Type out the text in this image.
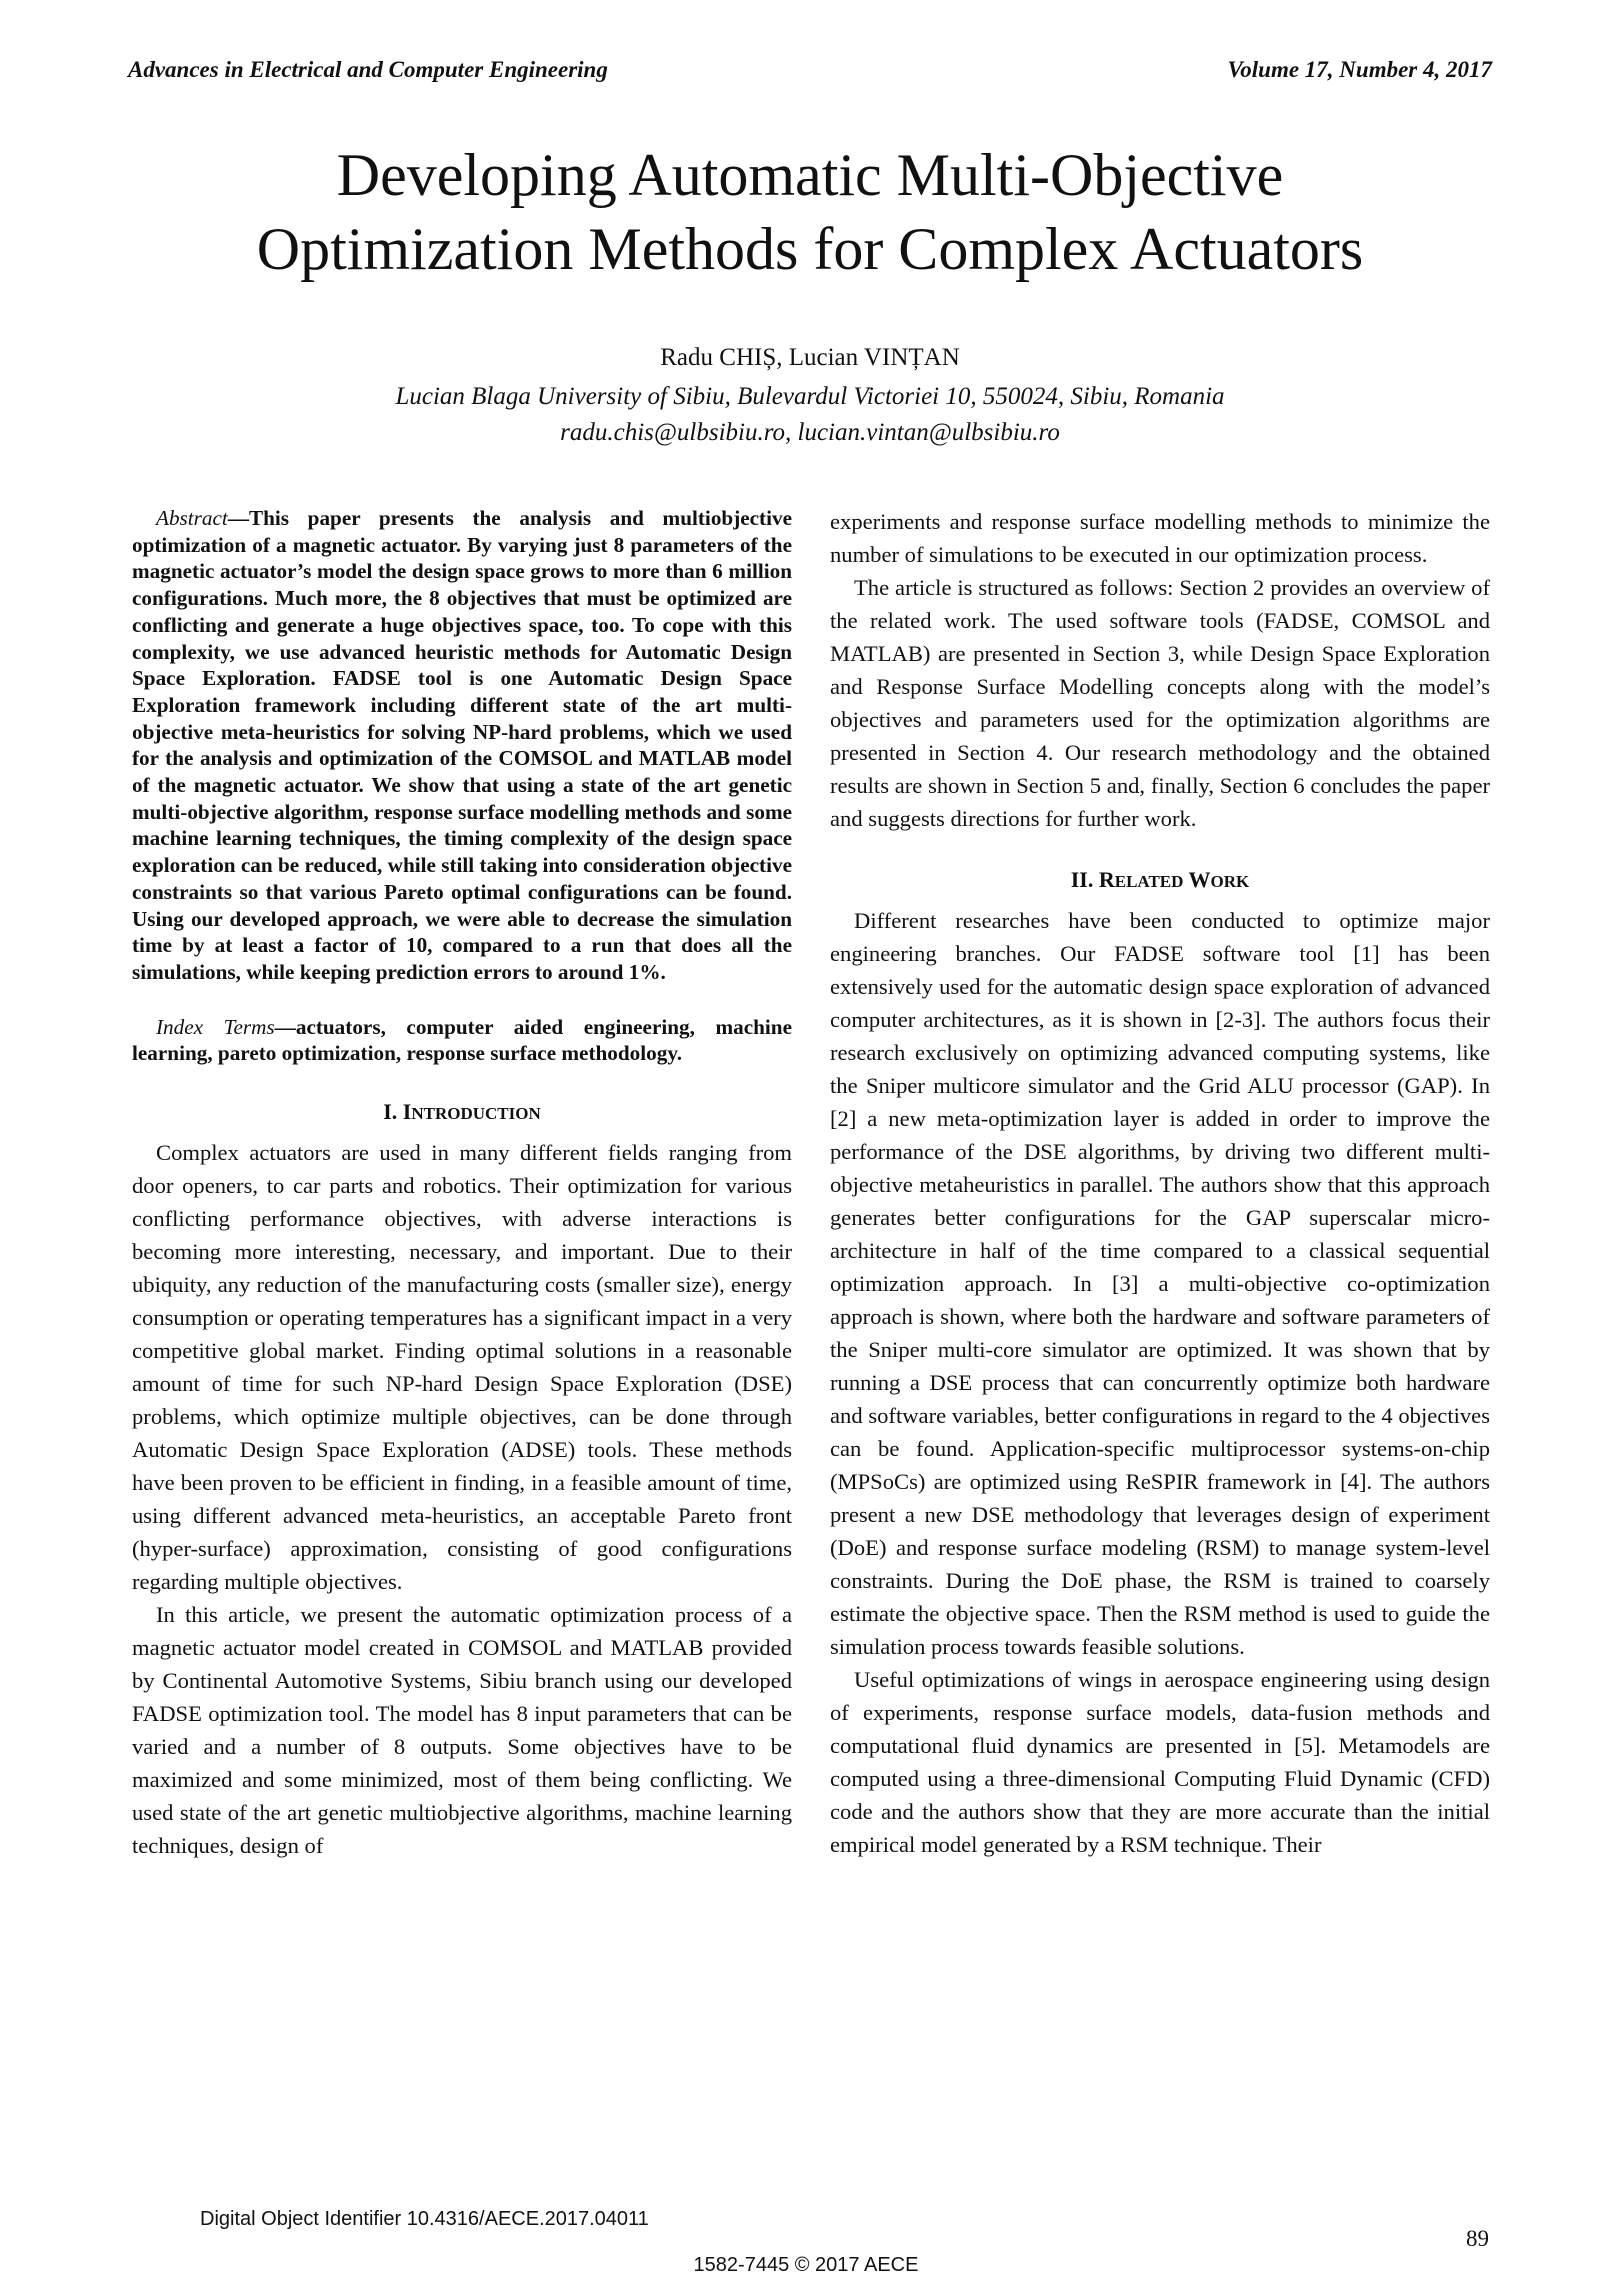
Advances in Electrical and Computer Engineering	Volume 17, Number 4, 2017
Developing Automatic Multi-Objective
Optimization Methods for Complex Actuators
Radu CHIȘ, Lucian VINȚAN
Lucian Blaga University of Sibiu, Bulevardul Victoriei 10, 550024, Sibiu, Romania
radu.chis@ulbsibiu.ro, lucian.vintan@ulbsibiu.ro

Abstract—This paper presents the analysis and multiobjective optimization of a magnetic actuator. By varying just 8 parameters of the magnetic actuator’s model the design space grows to more than 6 million configurations. Much more, the 8 objectives that must be optimized are conflicting and generate a huge objectives space, too. To cope with this complexity, we use advanced heuristic methods for Automatic Design Space Exploration. FADSE tool is one Automatic Design Space Exploration framework including different state of the art multi-objective meta-heuristics for solving NP-hard problems, which we used for the analysis and optimization of the COMSOL and MATLAB model of the magnetic actuator. We show that using a state of the art genetic multi-objective algorithm, response surface modelling methods and some machine learning techniques, the timing complexity of the design space exploration can be reduced, while still taking into consideration objective constraints so that various Pareto optimal configurations can be found. Using our developed approach, we were able to decrease the simulation time by at least a factor of 10, compared to a run that does all the simulations, while keeping prediction errors to around 1%.

Index Terms—actuators, computer aided engineering, machine learning, pareto optimization, response surface methodology.

I. INTRODUCTION

Complex actuators are used in many different fields ranging from door openers, to car parts and robotics. Their optimization for various conflicting performance objectives, with adverse interactions is becoming more interesting, necessary, and important. Due to their ubiquity, any reduction of the manufacturing costs (smaller size), energy consumption or operating temperatures has a significant impact in a very competitive global market. Finding optimal solutions in a reasonable amount of time for such NP-hard Design Space Exploration (DSE) problems, which optimize multiple objectives, can be done through Automatic Design Space Exploration (ADSE) tools. These methods have been proven to be efficient in finding, in a feasible amount of time, using different advanced meta-heuristics, an acceptable Pareto front (hyper-surface) approximation, consisting of good configurations regarding multiple objectives.

In this article, we present the automatic optimization process of a magnetic actuator model created in COMSOL and MATLAB provided by Continental Automotive Systems, Sibiu branch using our developed FADSE optimization tool. The model has 8 input parameters that can be varied and a number of 8 outputs. Some objectives have to be maximized and some minimized, most of them being conflicting. We used state of the art genetic multiobjective algorithms, machine learning techniques, design of

experiments and response surface modelling methods to minimize the number of simulations to be executed in our optimization process.

The article is structured as follows: Section 2 provides an overview of the related work. The used software tools (FADSE, COMSOL and MATLAB) are presented in Section 3, while Design Space Exploration and Response Surface Modelling concepts along with the model’s objectives and parameters used for the optimization algorithms are presented in Section 4. Our research methodology and the obtained results are shown in Section 5 and, finally, Section 6 concludes the paper and suggests directions for further work.

II. RELATED WORK

Different researches have been conducted to optimize major engineering branches. Our FADSE software tool [1] has been extensively used for the automatic design space exploration of advanced computer architectures, as it is shown in [2-3]. The authors focus their research exclusively on optimizing advanced computing systems, like the Sniper multicore simulator and the Grid ALU processor (GAP). In [2] a new meta-optimization layer is added in order to improve the performance of the DSE algorithms, by driving two different multi-objective metaheuristics in parallel. The authors show that this approach generates better configurations for the GAP superscalar micro-architecture in half of the time compared to a classical sequential optimization approach. In [3] a multi-objective co-optimization approach is shown, where both the hardware and software parameters of the Sniper multi-core simulator are optimized. It was shown that by running a DSE process that can concurrently optimize both hardware and software variables, better configurations in regard to the 4 objectives can be found. Application-specific multiprocessor systems-on-chip (MPSoCs) are optimized using ReSPIR framework in [4]. The authors present a new DSE methodology that leverages design of experiment (DoE) and response surface modeling (RSM) to manage system-level constraints. During the DoE phase, the RSM is trained to coarsely estimate the objective space. Then the RSM method is used to guide the simulation process towards feasible solutions.

Useful optimizations of wings in aerospace engineering using design of experiments, response surface models, data-fusion methods and computational fluid dynamics are presented in [5]. Metamodels are computed using a three-dimensional Computing Fluid Dynamic (CFD) code and the authors show that they are more accurate than the initial empirical model generated by a RSM technique. Their

Digital Object Identifier 10.4316/AECE.2017.04011
89
1582-7445 © 2017 AECE
